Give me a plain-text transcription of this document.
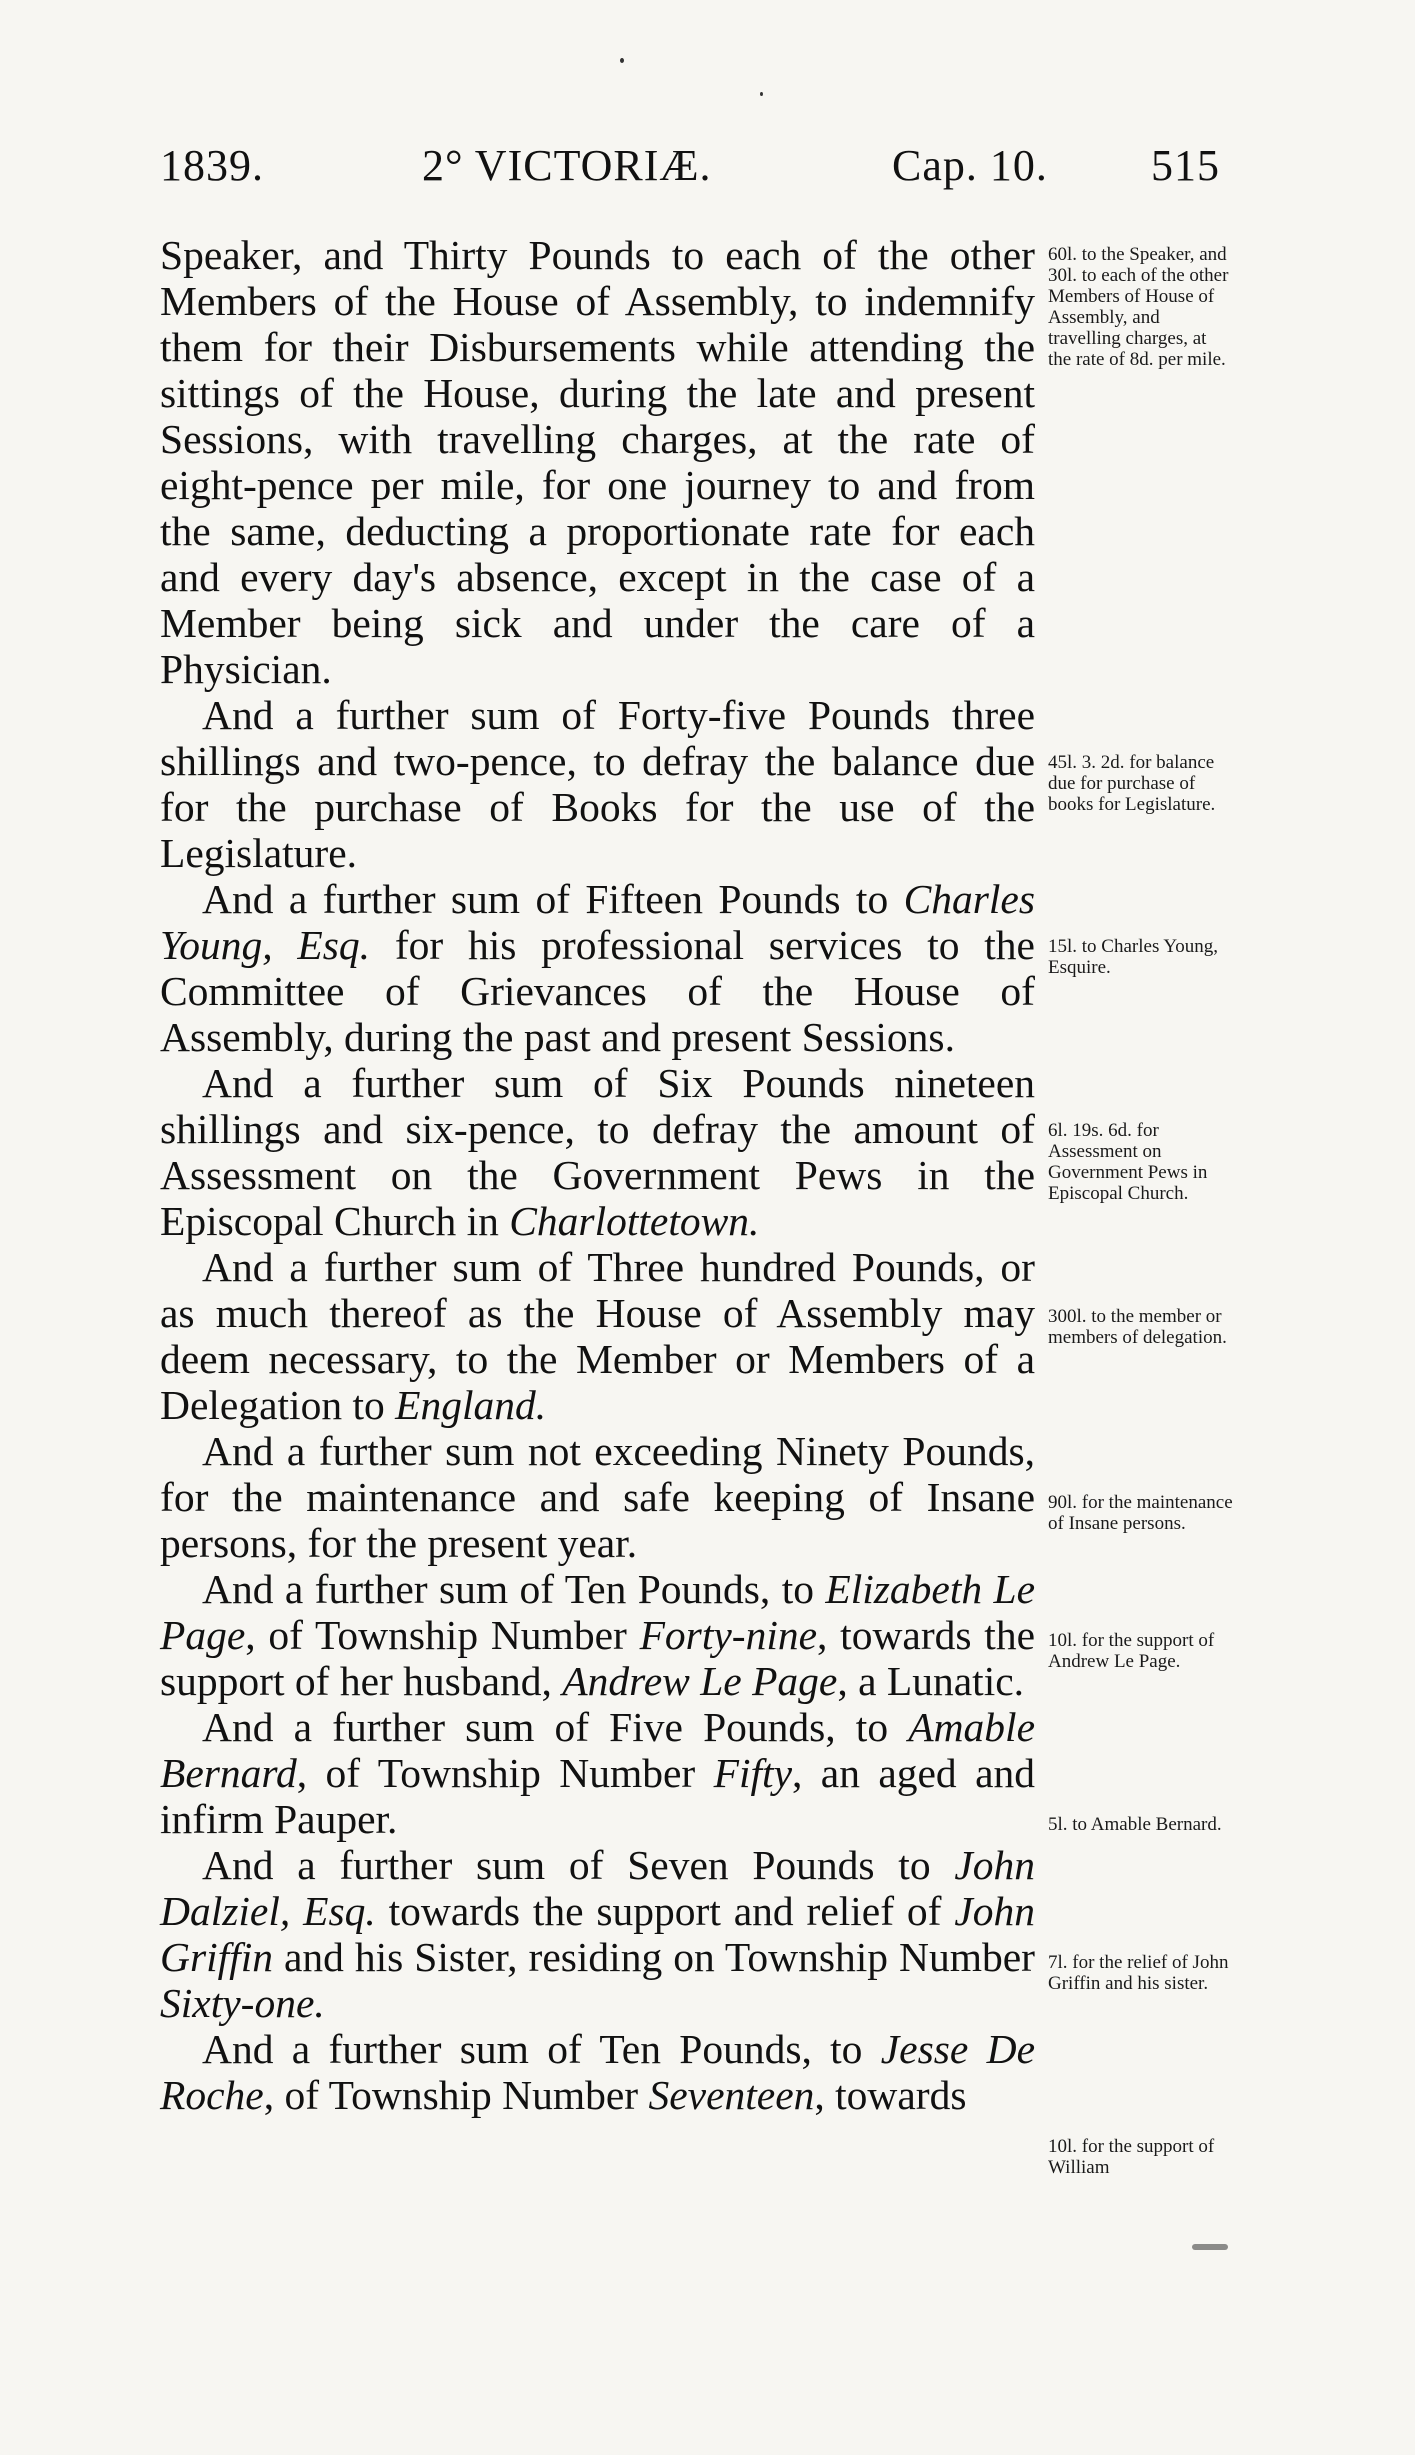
1839.	2° VICTORIÆ.	Cap. 10. 515

Speaker, and Thirty Pounds to each of the other Members of the House of Assembly, to indemnify them for their Disbursements while attending the sittings of the House, during the late and present Sessions, with travelling charges, at the rate of eight-pence per mile, for one journey to and from the same, deducting a proportionate rate for each and every day's absence, except in the case of a Member being sick and under the care of a Physician.

And a further sum of Forty-five Pounds three shillings and two-pence, to defray the balance due for the purchase of Books for the use of the Legislature.

And a further sum of Fifteen Pounds to Charles Young, Esq. for his professional services to the Committee of Grievances of the House of Assembly, during the past and present Sessions.

And a further sum of Six Pounds nineteen shillings and six-pence, to defray the amount of Assessment on the Government Pews in the Episcopal Church in Charlottetown.

And a further sum of Three hundred Pounds, or as much thereof as the House of Assembly may deem necessary, to the Member or Members of a Delegation to England.

And a further sum not exceeding Ninety Pounds, for the maintenance and safe keeping of Insane persons, for the present year.

And a further sum of Ten Pounds, to Elizabeth Le Page, of Township Number Forty-nine, towards the support of her husband, Andrew Le Page, a Lunatic.

And a further sum of Five Pounds, to Amable Bernard, of Township Number Fifty, an aged and infirm Pauper.

And a further sum of Seven Pounds to John Dalziel, Esq. towards the support and relief of John Griffin and his Sister, residing on Township Number Sixty-one.

And a further sum of Ten Pounds, to Jesse De Roche, of Township Number Seventeen, towards

60l. to the Speaker, and 30l. to each of the other Members of House of Assembly, and travelling charges, at the rate of 8d. per mile.
45l. 3. 2d. for balance due for purchase of books for Legislature.
15l. to Charles Young, Esquire.
6l. 19s. 6d. for Assessment on Government Pews in Episcopal Church.
300l. to the member or members of delegation.
90l. for the maintenance of Insane persons.
10l. for the support of Andrew Le Page.
5l. to Amable Bernard.
7l. for the relief of John Griffin and his sister.
10l. for the support of William
